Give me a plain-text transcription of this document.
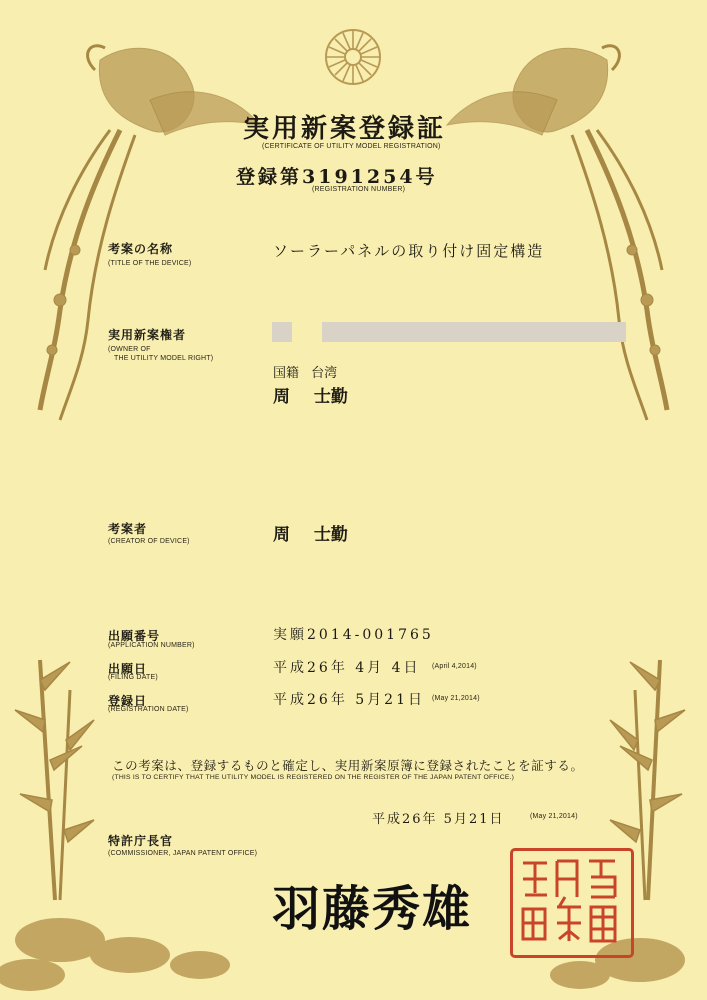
実用新案登録証
(CERTIFICATE OF UTILITY MODEL REGISTRATION)
登録第3191254号
(REGISTRATION NUMBER)
考案の名称
(TITLE OF THE DEVICE)
ソーラーパネルの取り付け固定構造
実用新案権者
(OWNER OF
THE UTILITY MODEL RIGHT)
国籍 台湾
周 士勤
考案者
(CREATOR OF DEVICE)	周 士勤
出願番号
(APPLICATION NUMBER)
実願2014-001765
出願日
(FILING DATE)
平成26年 4月 4日 (April 4,2014)
登録日
(REGISTRATION DATE)
平成26年 5月21日 (May 21,2014)
この考案は、登録するものと確定し、実用新案原簿に登録されたことを証する。
(THIS IS TO CERTIFY THAT THE UTILITY MODEL IS REGISTERED ON THE REGISTER OF THE JAPAN PATENT OFFICE.)
平成26年 5月21日	(May 21,2014)
特許庁長官
(COMMISSIONER, JAPAN PATENT OFFICE)
羽藤秀雄
